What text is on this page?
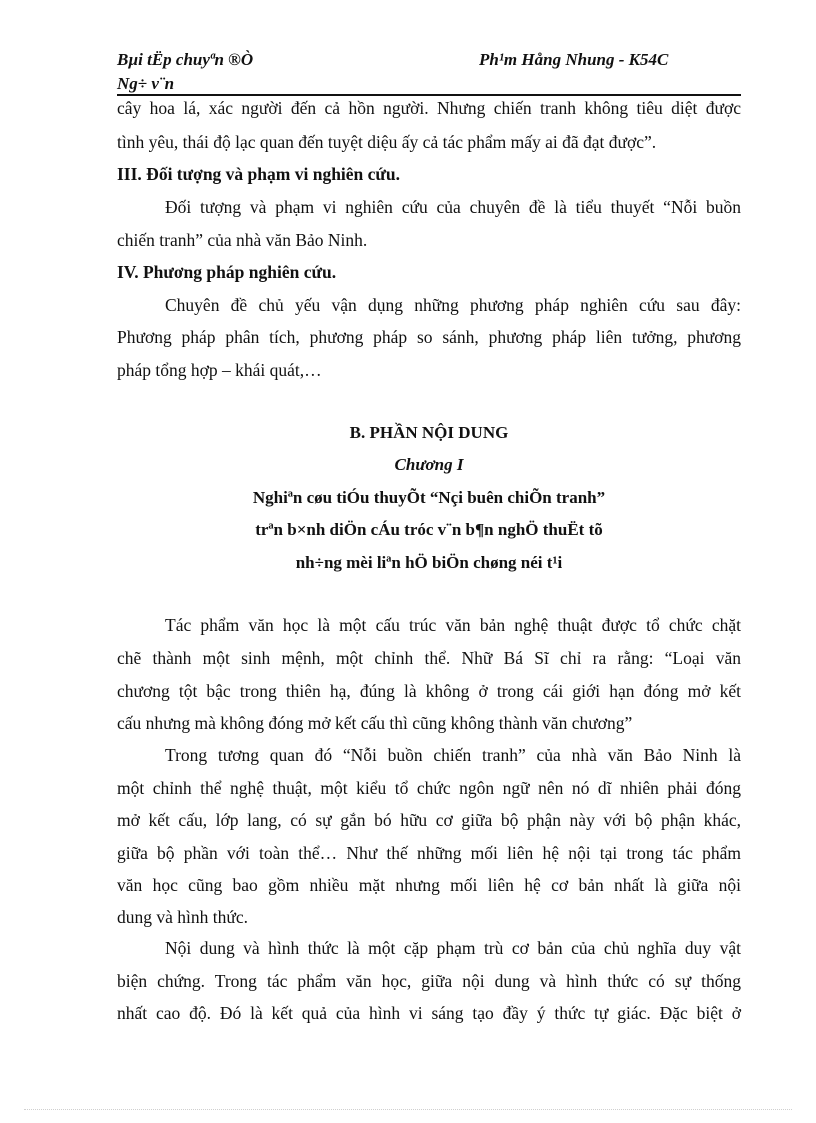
Bµi tËp chuyªn ®Ò
Ng÷ v¨n
Ph¹m Hång Nhung - K54C
cây hoa lá, xác người đến cả hồn người. Nhưng chiến tranh không tiêu diệt được
tình yêu, thái độ lạc quan đến tuyệt diệu ấy cả tác phẩm mấy ai đã đạt được”.
III. Đối tượng và phạm vi nghiên cứu.
Đối tượng và phạm vi nghiên cứu của chuyên đề là tiểu thuyết “Nỗi buồn
chiến tranh” của nhà văn Bảo Ninh.
IV. Phương pháp nghiên cứu.
Chuyên đề chủ yếu vận dụng những phương pháp nghiên cứu sau đây:
Phương pháp phân tích, phương pháp so sánh, phương pháp liên tưởng, phương
pháp tổng hợp – khái quát,…
B. PHẦN NỘI DUNG
Chương I
Nghiªn cøu tiÓu thuyÕt “Nçi buên chiÕn tranh”
trªn b×nh diÖn cÁu tróc v¨n b¶n nghÖ thuËt tõ
nh÷ng mèi liªn hÖ biÖn chøng néi t¹i
Tác phẩm văn học là một cấu trúc văn bản nghệ thuật được tổ chức chặt
chẽ thành một sinh mệnh, một chỉnh thể. Nhữ Bá Sĩ chỉ ra rằng: “Loại văn
chương tột bậc trong thiên hạ, đúng là không ở trong cái giới hạn đóng mở kết
cấu nhưng mà không đóng mở kết cấu thì cũng không thành văn chương”
Trong tương quan đó “Nỗi buồn chiến tranh” của nhà văn Bảo Ninh là
một chỉnh thể nghệ thuật, một kiểu tổ chức ngôn ngữ nên nó dĩ nhiên phải đóng
mở kết cấu, lớp lang, có sự gắn bó hữu cơ giữa bộ phận này với bộ phận khác,
giữa bộ phần với toàn thể… Như thế những mối liên hệ nội tại trong tác phẩm
văn học cũng bao gồm nhiều mặt nhưng mối liên hệ cơ bản nhất là giữa nội
dung và hình thức.
Nội dung và hình thức là một cặp phạm trù cơ bản của chủ nghĩa duy vật
biện chứng. Trong tác phẩm văn học, giữa nội dung và hình thức có sự thống
nhất cao độ. Đó là kết quả của hình vi sáng tạo đầy ý thức tự giác. Đặc biệt ở
